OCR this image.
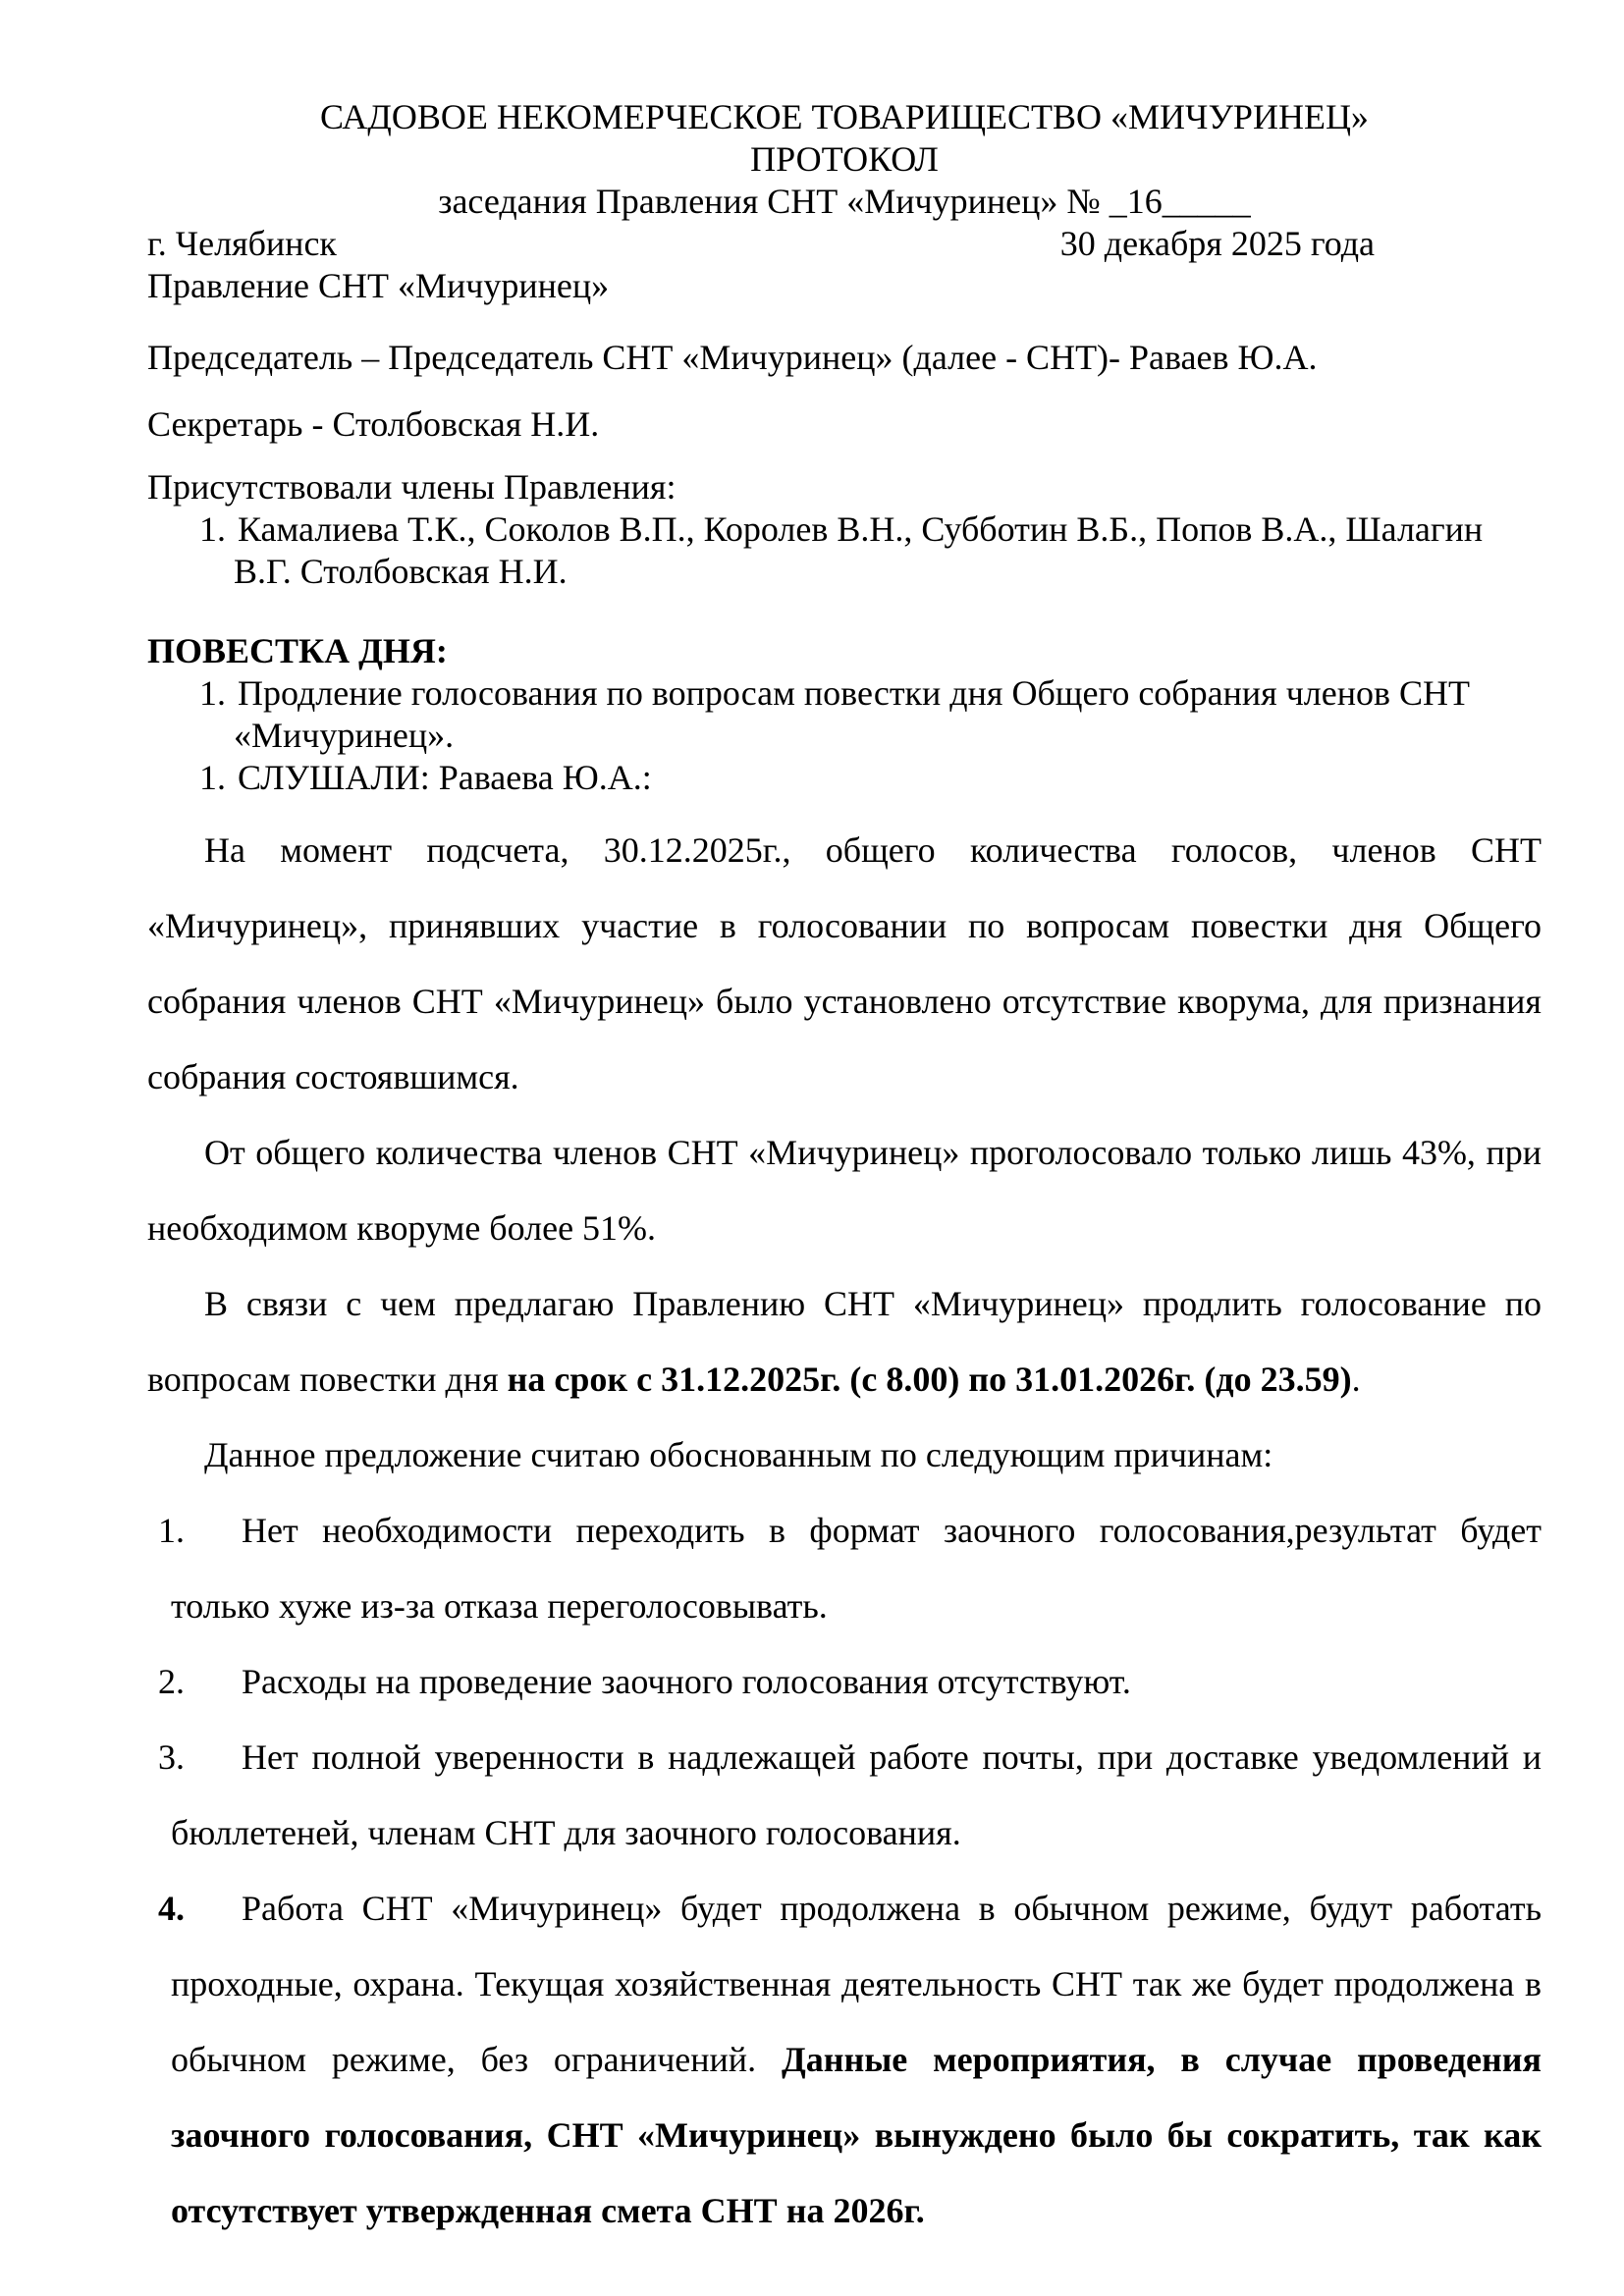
САДОВОЕ НЕКОМЕРЧЕСКОЕ ТОВАРИЩЕСТВО «МИЧУРИНЕЦ»

ПРОТОКОЛ

заседания Правления СНТ «Мичуринец» № _16_____

г. Челябинск	30 декабря 2025 года

Правление СНТ «Мичуринец»

Председатель – Председатель СНТ «Мичуринец» (далее - СНТ)- Раваев Ю.А.

Секретарь - Столбовская Н.И.

Присутствовали члены Правления:

1. Камалиева Т.К., Соколов В.П., Королев В.Н., Субботин В.Б., Попов В.А., Шалагин В.Г. Столбовская Н.И.

ПОВЕСТКА ДНЯ:

1. Продление голосования по вопросам повестки дня Общего собрания членов СНТ «Мичуринец».

1. СЛУШАЛИ: Раваева Ю.А.:

На момент подсчета, 30.12.2025г., общего количества голосов, членов СНТ «Мичуринец», принявших участие в голосовании по вопросам повестки дня Общего собрания членов СНТ «Мичуринец» было установлено отсутствие кворума, для признания собрания состоявшимся.

От общего количества членов СНТ «Мичуринец» проголосовало только лишь 43%, при необходимом кворуме более 51%.

В связи с чем предлагаю Правлению СНТ «Мичуринец» продлить голосование по вопросам повестки дня на срок с 31.12.2025г. (с 8.00) по 31.01.2026г. (до 23.59).

Данное предложение считаю обоснованным по следующим причинам:

1. Нет необходимости переходить в формат заочного голосования,результат будет только хуже из-за отказа переголосовывать.

2. Расходы на проведение заочного голосования отсутствуют.

3. Нет полной уверенности в надлежащей работе почты, при доставке уведомлений и бюллетеней, членам СНТ для заочного голосования.

4. Работа СНТ «Мичуринец» будет продолжена в обычном режиме, будут работать проходные, охрана. Текущая хозяйственная деятельность СНТ так же будет продолжена в обычном режиме, без ограничений. Данные мероприятия, в случае проведения заочного голосования, СНТ «Мичуринец» вынуждено было бы сократить, так как отсутствует утвержденная смета СНТ на 2026г.
